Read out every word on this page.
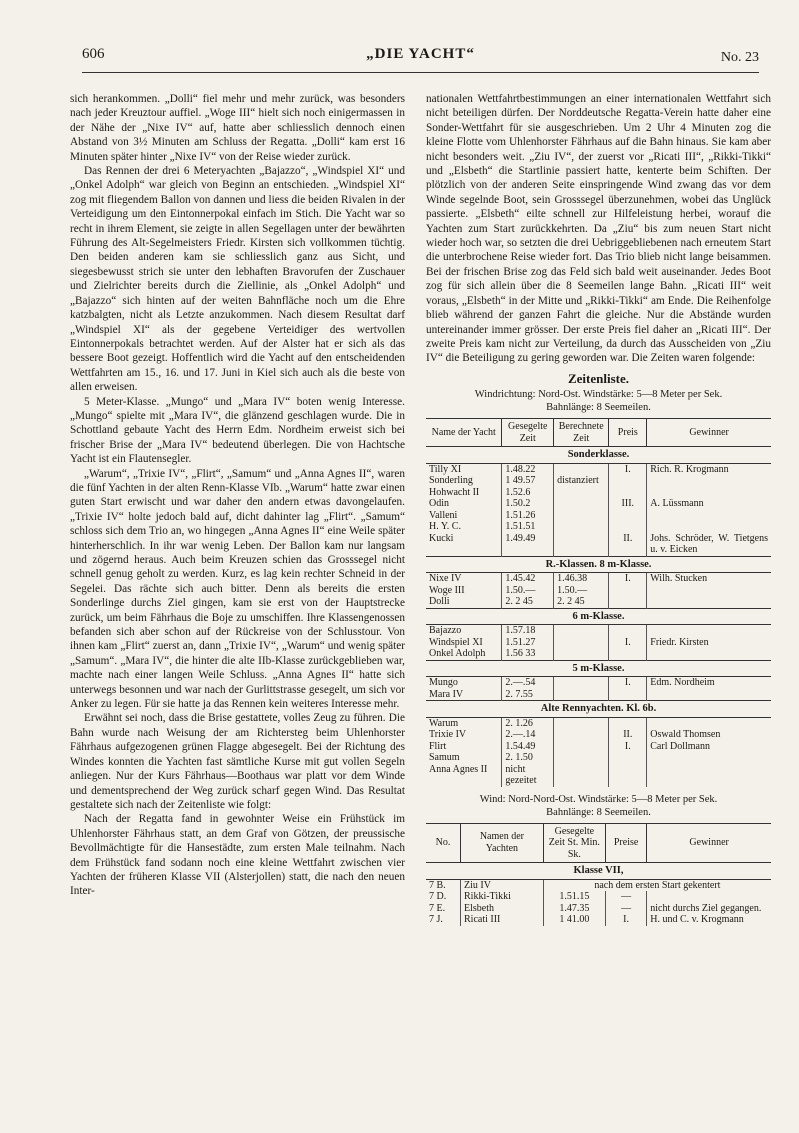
606	„DIE YACHT“	No. 23

sich herankommen. „Dolli“ fiel mehr und mehr zurück, was besonders nach jeder Kreuztour auffiel. „Woge III“ hielt sich noch einigermassen in der Nähe der „Nixe IV“ auf, hatte aber schliesslich dennoch einen Abstand von 3½ Minuten am Schluss der Regatta. „Dolli“ kam erst 16 Minuten später hinter „Nixe IV“ von der Reise wieder zurück.

Das Rennen der drei 6 Meteryachten „Bajazzo“, „Windspiel XI“ und „Onkel Adolph“ war gleich von Beginn an entschieden. „Windspiel XI“ zog mit fliegendem Ballon von dannen und liess die beiden Rivalen in der Verteidigung um den Eintonnerpokal einfach im Stich. Die Yacht war so recht in ihrem Element, sie zeigte in allen Segellagen unter der bewährten Führung des Alt-Segelmeisters Friedr. Kirsten sich vollkommen tüchtig. Den beiden anderen kam sie schliesslich ganz aus Sicht, und siegesbewusst strich sie unter den lebhaften Bravorufen der Zuschauer und Zielrichter bereits durch die Ziellinie, als „Onkel Adolph“ und „Bajazzo“ sich hinten auf der weiten Bahnfläche noch um die Ehre katzbalgten, nicht als Letzte anzukommen. Nach diesem Resultat darf „Windspiel XI“ als der gegebene Verteidiger des wertvollen Eintonnerpokals betrachtet werden. Auf der Alster hat er sich als das bessere Boot gezeigt. Hoffentlich wird die Yacht auf den entscheidenden Wettfahrten am 15., 16. und 17. Juni in Kiel sich auch als die beste von allen erweisen.

5 Meter-Klasse. „Mungo“ und „Mara IV“ boten wenig Interesse. „Mungo“ spielte mit „Mara IV“, die glänzend geschlagen wurde. Die in Schottland gebaute Yacht des Herrn Edm. Nordheim erweist sich bei frischer Brise der „Mara IV“ bedeutend überlegen. Die von Hachtsche Yacht ist ein Flautensegler.

„Warum“, „Trixie IV“, „Flirt“, „Samum“ und „Anna Agnes II“, waren die fünf Yachten in der alten Renn-Klasse VIb. „Warum“ hatte zwar einen guten Start erwischt und war daher den andern etwas davongelaufen. „Trixie IV“ holte jedoch bald auf, dicht dahinter lag „Flirt“. „Samum“ schloss sich dem Trio an, wo hingegen „Anna Agnes II“ eine Weile später hinterherschlich. In ihr war wenig Leben. Der Ballon kam nur langsam und zögernd heraus. Auch beim Kreuzen schien das Grosssegel nicht schnell genug geholt zu werden. Kurz, es lag kein rechter Schneid in der Segelei. Das rächte sich auch bitter. Denn als bereits die ersten Sonderlinge durchs Ziel gingen, kam sie erst von der Hauptstrecke zurück, um beim Fährhaus die Boje zu umschiffen. Ihre Klassengenossen befanden sich aber schon auf der Rückreise von der Schlusstour. Von ihnen kam „Flirt“ zuerst an, dann „Trixie IV“, „Warum“ und wenig später „Samum“. „Mara IV“, die hinter die alte IIb-Klasse zurückgeblieben war, machte nach einer langen Weile Schluss. „Anna Agnes II“ hatte sich unterwegs besonnen und war nach der Gurlittstrasse gesegelt, um sich vor Anker zu legen. Für sie hatte ja das Rennen kein weiteres Interesse mehr.

Erwähnt sei noch, dass die Brise gestattete, volles Zeug zu führen. Die Bahn wurde nach Weisung der am Richtersteg beim Uhlenhorster Fährhaus aufgezogenen grünen Flagge abgesegelt. Bei der Richtung des Windes konnten die Yachten fast sämtliche Kurse mit gut vollen Segeln anliegen. Nur der Kurs Fährhaus—Boothaus war platt vor dem Winde und dementsprechend der Weg zurück scharf gegen Wind. Das Resultat gestaltete sich nach der Zeitenliste wie folgt:

Nach der Regatta fand in gewohnter Weise ein Frühstück im Uhlenhorster Fährhaus statt, an dem Graf von Götzen, der preussische Bevollmächtigte für die Hansestädte, zum ersten Male teilnahm. Nach dem Frühstück fand sodann noch eine kleine Wettfahrt zwischen vier Yachten der früheren Klasse VII (Alsterjollen) statt, die nach den neuen Inter-

nationalen Wettfahrtbestimmungen an einer internationalen Wettfahrt sich nicht beteiligen dürfen. Der Norddeutsche Regatta-Verein hatte daher eine Sonder-Wettfahrt für sie ausgeschrieben. Um 2 Uhr 4 Minuten zog die kleine Flotte vom Uhlenhorster Fährhaus auf die Bahn hinaus. Sie kam aber nicht besonders weit. „Ziu IV“, der zuerst vor „Ricati III“, „Rikki-Tikki“ und „Elsbeth“ die Startlinie passiert hatte, kenterte beim Schiften. Der plötzlich von der anderen Seite einspringende Wind zwang das vor dem Winde segelnde Boot, sein Grosssegel überzunehmen, wobei das Unglück passierte. „Elsbeth“ eilte schnell zur Hilfeleistung herbei, worauf die Yachten zum Start zurückkehrten. Da „Ziu“ bis zum neuen Start nicht wieder hoch war, so setzten die drei Uebriggebliebenen nach erneutem Start die unterbrochene Reise wieder fort. Das Trio blieb nicht lange beisammen. Bei der frischen Brise zog das Feld sich bald weit auseinander. Jedes Boot zog für sich allein über die 8 Seemeilen lange Bahn. „Ricati III“ weit voraus, „Elsbeth“ in der Mitte und „Rikki-Tikki“ am Ende. Die Reihenfolge blieb während der ganzen Fahrt die gleiche. Nur die Abstände wurden untereinander immer grösser. Der erste Preis fiel daher an „Ricati III“. Der zweite Preis kam nicht zur Verteilung, da durch das Ausscheiden von „Ziu IV“ die Beteiligung zu gering geworden war. Die Zeiten waren folgende:

Zeitenliste.
Windrichtung: Nord-Ost. Windstärke: 5—8 Meter per Sek.
Bahnlänge: 8 Seemeilen.
Name der Yacht	Gesegelte Zeit	Berechnete Zeit	Preis	Gewinner
Sonderklasse.				
Tilly XI	1.48.22		I.	Rich. R. Krogmann
Sonderling	1 49.57	distanziert		
Hohwacht II	1.52.6			
Odin	1.50.2		III.	A. Lüssmann
Valleni	1.51.26			
H. Y. C.	1.51.51			
Kucki	1.49.49		II.	Johs. Schröder, W. Tietgens u. v. Eicken
R.-Klassen. 8 m-Klasse.				
Nixe IV	1.45.42	1.46.38	I.	Wilh. Stucken
Woge III	1.50.—	1.50.—		
Dolli	2. 2 45	2. 2 45		
6 m-Klasse.				
Bajazzo	1.57.18			
Windspiel XI	1.51.27		I.	Friedr. Kirsten
Onkel Adolph	1.56 33			
5 m-Klasse.				
Mungo	2.—.54		I.	Edm. Nordheim
Mara IV	2. 7.55			
Alte Rennyachten. Kl. 6b.				
Warum	2. 1.26			
Trixie IV	2.—.14		II.	Oswald Thomsen
Flirt	1.54.49		I.	Carl Dollmann
Samum	2. 1.50			
Anna Agnes II	nicht gezeitet			
Wind: Nord-Nord-Ost. Windstärke: 5—8 Meter per Sek.
Bahnlänge: 8 Seemeilen.
No.	Namen der Yachten	Gesegelte Zeit St. Min. Sk.	Preise	Gewinner
Klasse VII,				
7 B.	Ziu IV	nach dem ersten Start gekentert		
7 D.	Rikki-Tikki	1.51.15	—	
7 E.	Elsbeth	1.47.35	—	nicht durchs Ziel gegangen.
7 J.	Ricati III	1 41.00	I.	H. und C. v. Krogmann
